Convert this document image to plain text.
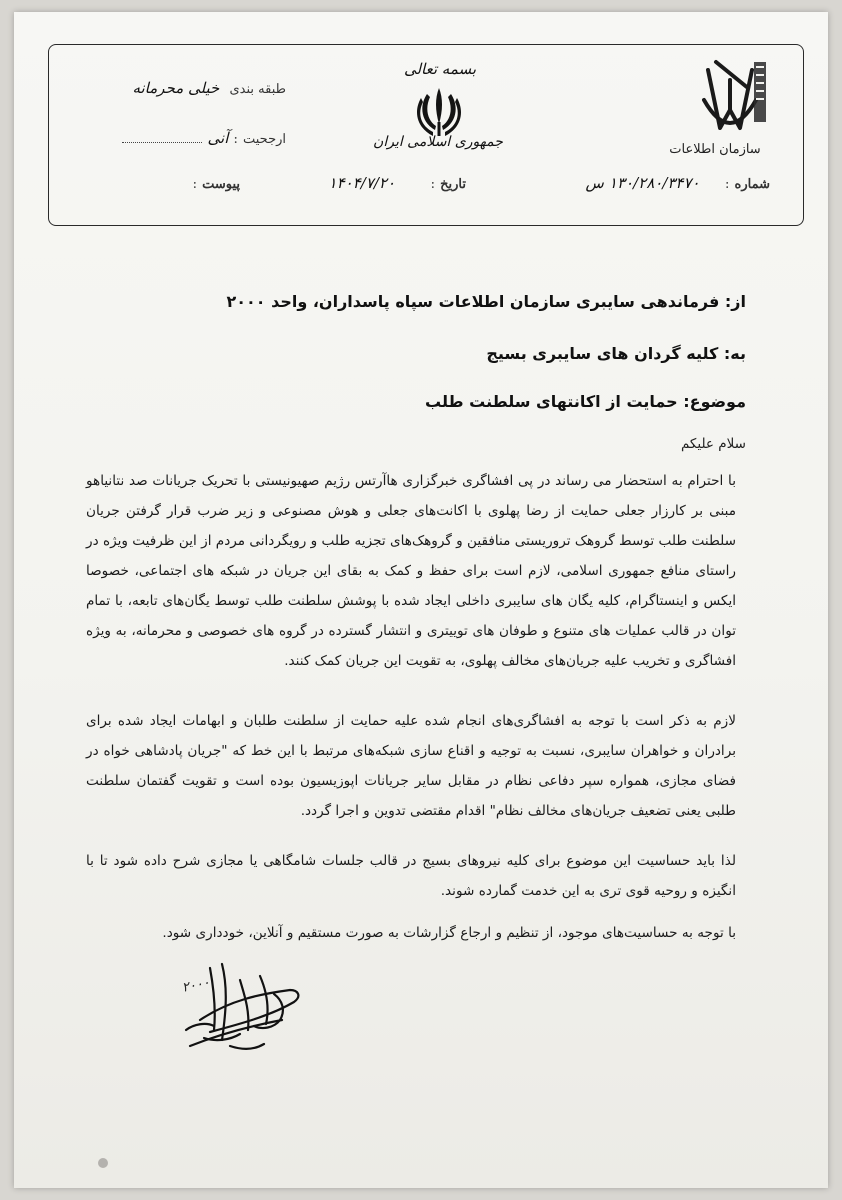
سازمان اطلاعات
بسمه تعالی
جمهوری اسلامی ایران
طبقه بندی  خیلی محرمانه
ارجحیت : آنی
پیوست :	شماره :     ۱۳۰/۲۸۰/۳۴۷۰ س
تاریخ :       ۱۴۰۴/۷/۲۰
از: فرماندهی سایبری سازمان اطلاعات سپاه پاسداران، واحد ۲۰۰۰
به: کلیه گردان های سایبری بسیج
موضوع: حمایت از اکانتهای سلطنت طلب
سلام علیکم

با احترام به استحضار می رساند در پی افشاگری خبرگزاری هاآرتس رژیم صهیونیستی با تحریک جریانات صد نتانیاهو مبنی بر کارزار جعلی حمایت از رضا پهلوی با اکانت‌های جعلی و هوش مصنوعی و زیر ضرب قرار گرفتن جریان سلطنت طلب توسط گروهک تروریستی منافقین و گروهک‌های تجزیه طلب و رویگردانی مردم از این ظرفیت ویژه در راستای منافع جمهوری اسلامی، لازم است برای حفظ و کمک به بقای این جریان در شبکه های اجتماعی، خصوصا ایکس و اینستاگرام، کلیه یگان های سایبری داخلی ایجاد شده با پوشش سلطنت طلب توسط یگان‌های تابعه، با تمام توان در قالب عملیات های متنوع و طوفان های توییتری و انتشار گسترده در گروه های خصوصی و محرمانه، به ویژه افشاگری و تخریب علیه جریان‌های مخالف پهلوی، به تقویت این جریان کمک کنند.

لازم به ذکر است با توجه به افشاگری‌های انجام شده علیه حمایت از سلطنت طلبان و ابهامات ایجاد شده برای برادران و خواهران سایبری، نسبت به توجیه و اقناع سازی شبکه‌های مرتبط با این خط که "جریان پادشاهی خواه در فضای مجازی، همواره سپر دفاعی نظام در مقابل سایر جریانات اپوزیسیون بوده است و تقویت گفتمان سلطنت طلبی یعنی تضعیف جریان‌های مخالف نظام" اقدام مقتضی تدوین و اجرا گردد.

لذا باید حساسیت این موضوع برای کلیه نیروهای بسیج در قالب جلسات شامگاهی یا مجازی شرح داده شود تا با انگیزه و روحیه قوی تری به این خدمت گمارده شوند.

با توجه به حساسیت‌های موجود، از تنظیم و ارجاع گزارشات به صورت مستقیم و آنلاین، خودداری شود.

۲۰۰۰
